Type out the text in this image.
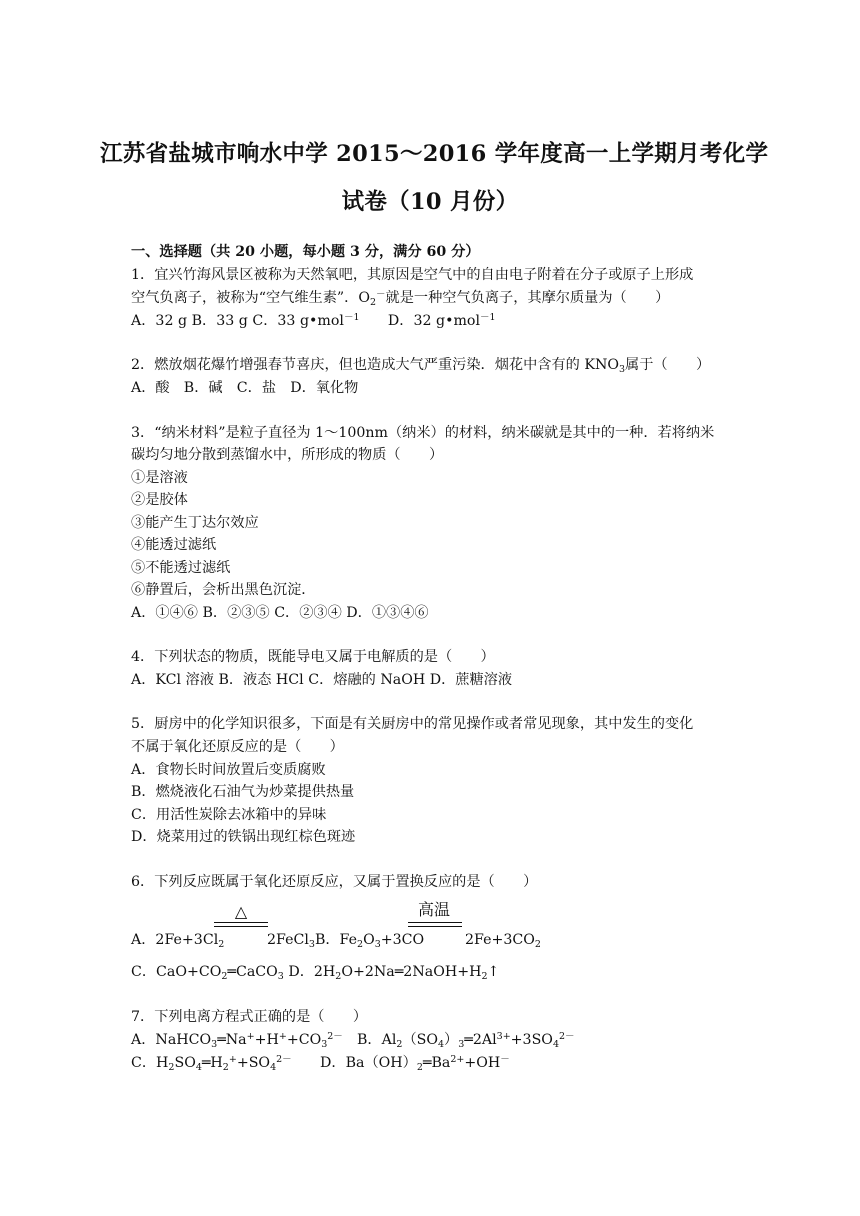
江苏省盐城市响水中学 2015～2016 学年度高一上学期月考化学
试卷（10 月份）
一、选择题（共 20 小题，每小题 3 分，满分 60 分）
1．宜兴竹海风景区被称为天然氧吧，其原因是空气中的自由电子附着在分子或原子上形成
空气负离子，被称为“空气维生素”．$O_2^-$就是一种空气负离子，其摩尔质量为（　　）
A．32 g B．33 g C．33 g•mol$^{-1}$　　D．32 g•mol$^{-1}$
2．燃放烟花爆竹增强春节喜庆，但也造成大气严重污染．烟花中含有的 $KNO_3$属于（　　）
A．酸　B．碱　C．盐　D．氧化物
3．“纳米材料”是粒子直径为 1～100nm（纳米）的材料，纳米碳就是其中的一种．若将纳米
碳均匀地分散到蒸馏水中，所形成的物质（　　）
①是溶液
②是胶体
③能产生丁达尔效应
④能透过滤纸
⑤不能透过滤纸
⑥静置后，会析出黑色沉淀．
A．①④⑥ B．②③⑤ C．②③④ D．①③④⑥
4．下列状态的物质，既能导电又属于电解质的是（　　）
A．KCl 溶液 B．液态 HCl C．熔融的 NaOH D．蔗糖溶液
5．厨房中的化学知识很多，下面是有关厨房中的常见操作或者常见现象，其中发生的变化
不属于氧化还原反应的是（　　）
A．食物长时间放置后变质腐败
B．燃烧液化石油气为炒菜提供热量
C．用活性炭除去冰箱中的异味
D．烧菜用过的铁锅出现红棕色斑迹
6．下列反应既属于氧化还原反应，又属于置换反应的是（　　）
△	高温
A．$2Fe+3Cl_2$	2FeCl$_3$B．$Fe_2O_3+3CO$	$2Fe+3CO_2$
C．$CaO+CO_2═CaCO_3$ D．$2H_2O+2Na═2NaOH+H_2↑$
7．下列电离方程式正确的是（　　）
A．$NaHCO_3═Na^++H^++CO_3^{2-}$　B．$Al_2(SO_4)_3═2Al^{3+}+3SO_4^{2-}$
C．$H_2SO_4═H_2^++SO_4^{2-}$　　D．$Ba(OH)_2═Ba^{2+}+OH^-$
